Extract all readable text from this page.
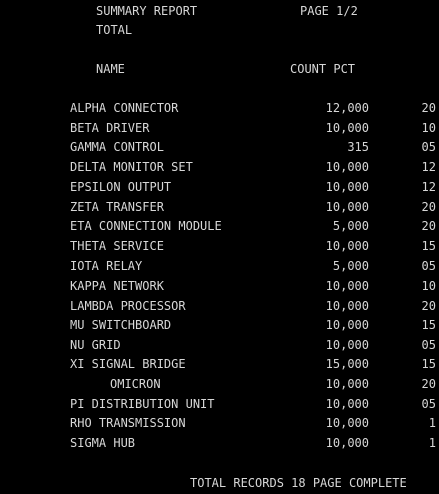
SUMMARY REPORT	PAGE 1/2
TOTAL
NAME	COUNT PCT
ALPHA CONNECTOR	12,000	20
BETA DRIVER	10,000	10
GAMMA CONTROL	315	05
DELTA MONITOR SET	10,000	12
EPSILON OUTPUT	10,000	12
ZETA TRANSFER	10,000	20
ETA CONNECTION MODULE	5,000	20
THETA SERVICE	10,000	15
IOTA RELAY	5,000	05
KAPPA NETWORK	10,000	10
LAMBDA PROCESSOR	10,000	20
MU SWITCHBOARD	10,000	15
NU GRID	10,000	05
XI SIGNAL BRIDGE	15,000	15
OMICRON	10,000	20
PI DISTRIBUTION UNIT	10,000	05
RHO TRANSMISSION	10,000	1
SIGMA HUB	10,000	1
TOTAL RECORDS 18 PAGE COMPLETE
